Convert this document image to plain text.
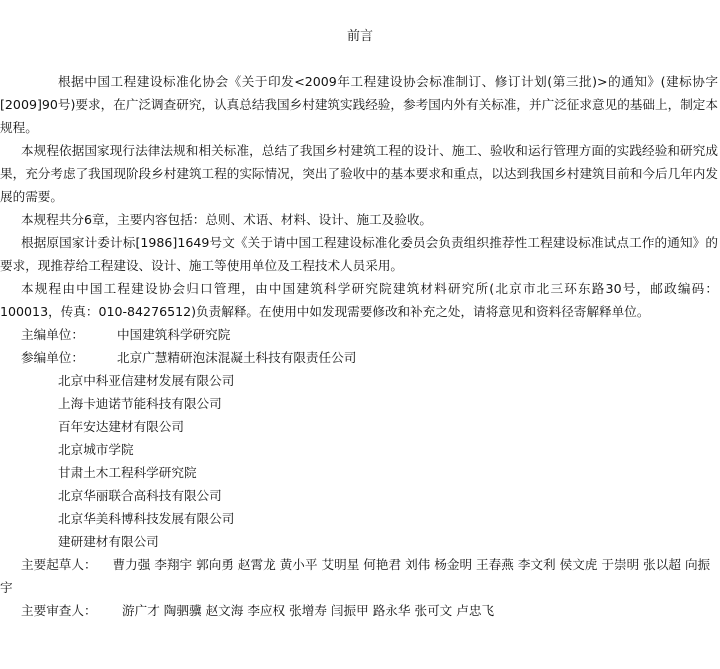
前言

根据中国工程建设标准化协会《关于印发<2009年工程建设协会标准制订、修订计划(第三批)>的通知》(建标协字[2009]90号)要求，在广泛调查研究，认真总结我国乡村建筑实践经验，参考国内外有关标准，并广泛征求意见的基础上，制定本规程。

本规程依据国家现行法律法规和相关标准，总结了我国乡村建筑工程的设计、施工、验收和运行管理方面的实践经验和研究成果，充分考虑了我国现阶段乡村建筑工程的实际情况，突出了验收中的基本要求和重点，以达到我国乡村建筑目前和今后几年内发展的需要。

本规程共分6章，主要内容包括：总则、术语、材料、设计、施工及验收。

根据原国家计委计标[1986]1649号文《关于请中国工程建设标准化委员会负责组织推荐性工程建设标准试点工作的通知》的要求，现推荐给工程建设、设计、施工等使用单位及工程技术人员采用。

本规程由中国工程建设协会归口管理，由中国建筑科学研究院建筑材料研究所(北京市北三环东路30号，邮政编码：100013，传真：010-84276512)负责解释。在使用中如发现需要修改和补充之处，请将意见和资料径寄解释单位。

主编单位：	中国建筑科学研究院
参编单位：	北京广慧精研泡沫混凝土科技有限责任公司
北京中科亚信建材发展有限公司
上海卡迪诺节能科技有限公司
百年安达建材有限公司
北京城市学院
甘肃土木工程科学研究院
北京华丽联合高科技有限公司
北京华美科博科技发展有限公司
建研建材有限公司

主要起草人： 曹力强 李翔宇 郭向勇 赵霄龙 黄小平 艾明星 何艳君 刘伟 杨金明 王春燕 李文利 侯文虎 于崇明 张以超 向振宇

主要审查人： 游广才 陶驷骥 赵文海 李应权 张增寿 闫振甲 路永华 张可文 卢忠飞
